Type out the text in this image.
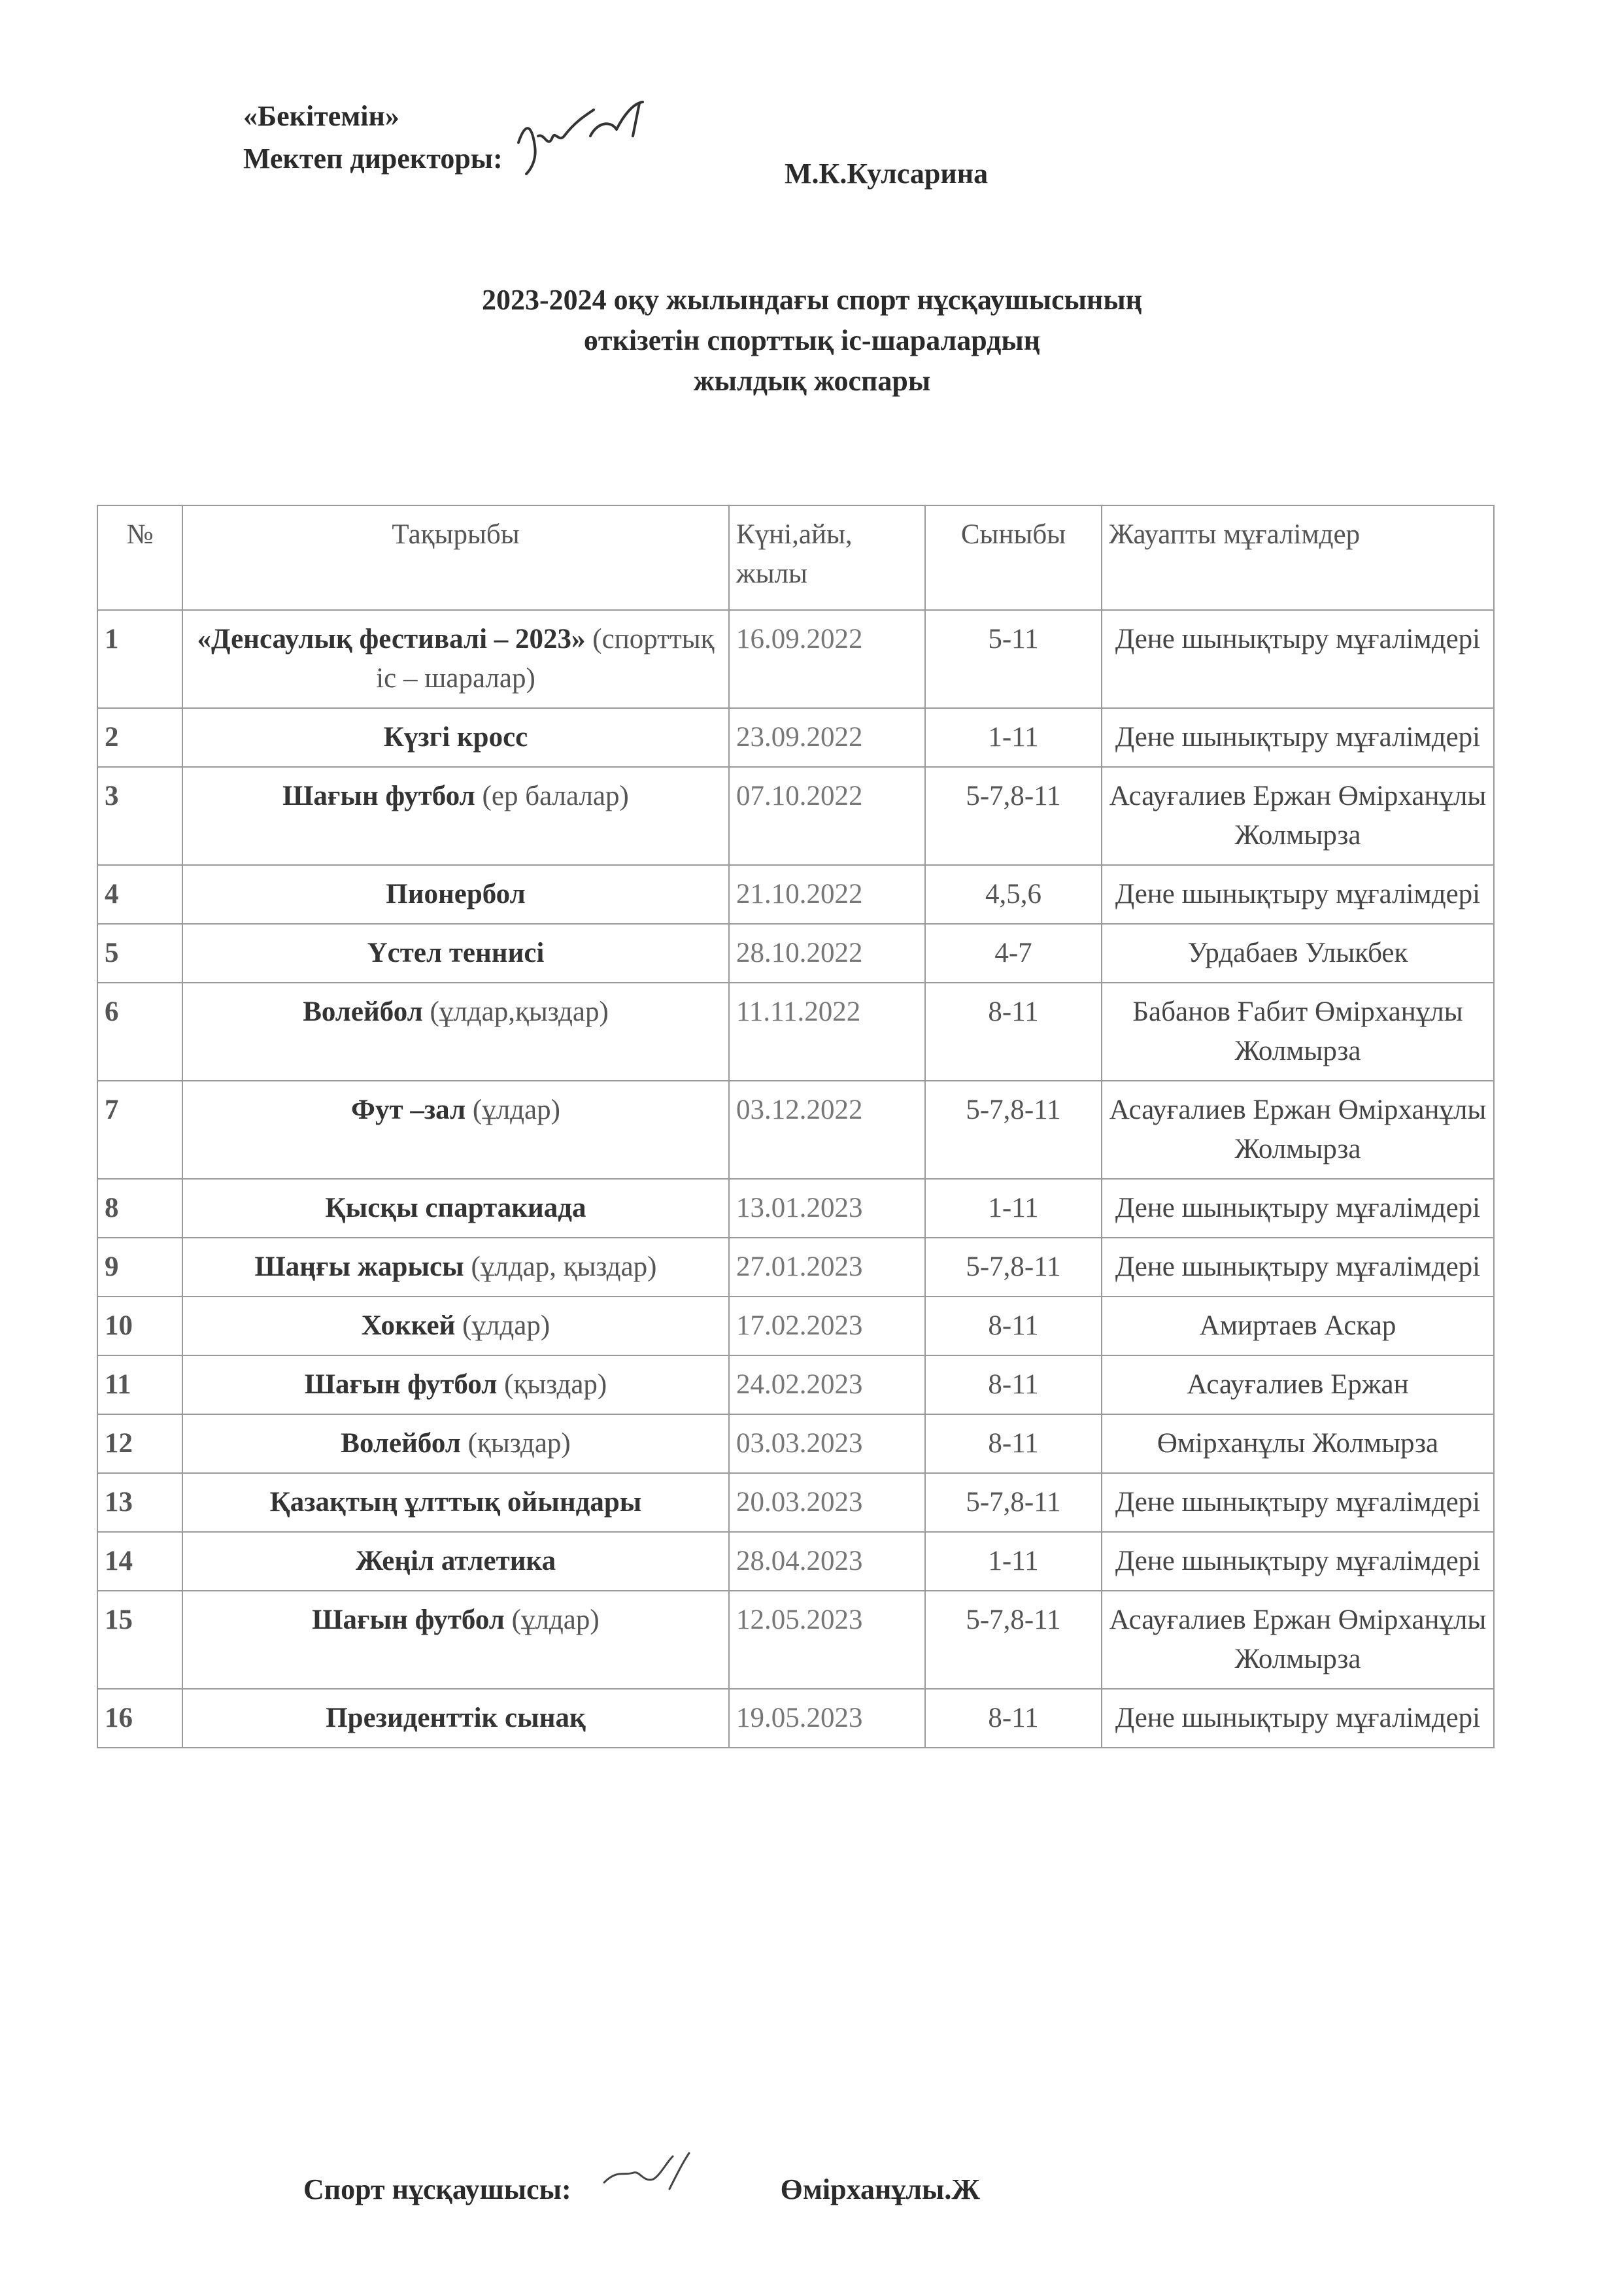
«Бекітемін»
Мектеп директоры:	М.К.Кулсарина
2023-2024 оқу жылындағы спорт нұсқаушысының
өткізетін спорттық іс-шаралардың
жылдық жоспары
№	Тақырыбы	Күні,айы, жылы	Сыныбы	Жауапты мұғалімдер
1	«Денсаулық фестивалі – 2023» (спорттық іс – шаралар)	16.09.2022	5-11	Дене шынықтыру мұғалімдері
2	Күзгі кросс	23.09.2022	1-11	Дене шынықтыру мұғалімдері
3	Шағын футбол (ер балалар)	07.10.2022	5-7,8-11	Асауғалиев Ержан Өмірханұлы Жолмырза
4	Пионербол	21.10.2022	4,5,6	Дене шынықтыру мұғалімдері
5	Үстел теннисі	28.10.2022	4-7	Урдабаев Улыкбек
6	Волейбол (ұлдар,қыздар)	11.11.2022	8-11	Бабанов Ғабит Өмірханұлы Жолмырза
7	Фут –зал (ұлдар)	03.12.2022	5-7,8-11	Асауғалиев Ержан Өмірханұлы Жолмырза
8	Қысқы спартакиада	13.01.2023	1-11	Дене шынықтыру мұғалімдері
9	Шаңғы жарысы (ұлдар, қыздар)	27.01.2023	5-7,8-11	Дене шынықтыру мұғалімдері
10	Хоккей (ұлдар)	17.02.2023	8-11	Амиртаев Аскар
11	Шағын футбол (қыздар)	24.02.2023	8-11	Асауғалиев Ержан
12	Волейбол (қыздар)	03.03.2023	8-11	Өмірханұлы Жолмырза
13	Қазақтың ұлттық ойындары	20.03.2023	5-7,8-11	Дене шынықтыру мұғалімдері
14	Жеңіл атлетика	28.04.2023	1-11	Дене шынықтыру мұғалімдері
15	Шағын футбол (ұлдар)	12.05.2023	5-7,8-11	Асауғалиев Ержан Өмірханұлы Жолмырза
16	Президенттік сынақ	19.05.2023	8-11	Дене шынықтыру мұғалімдері
Спорт нұсқаушысы:	Өмірханұлы.Ж
